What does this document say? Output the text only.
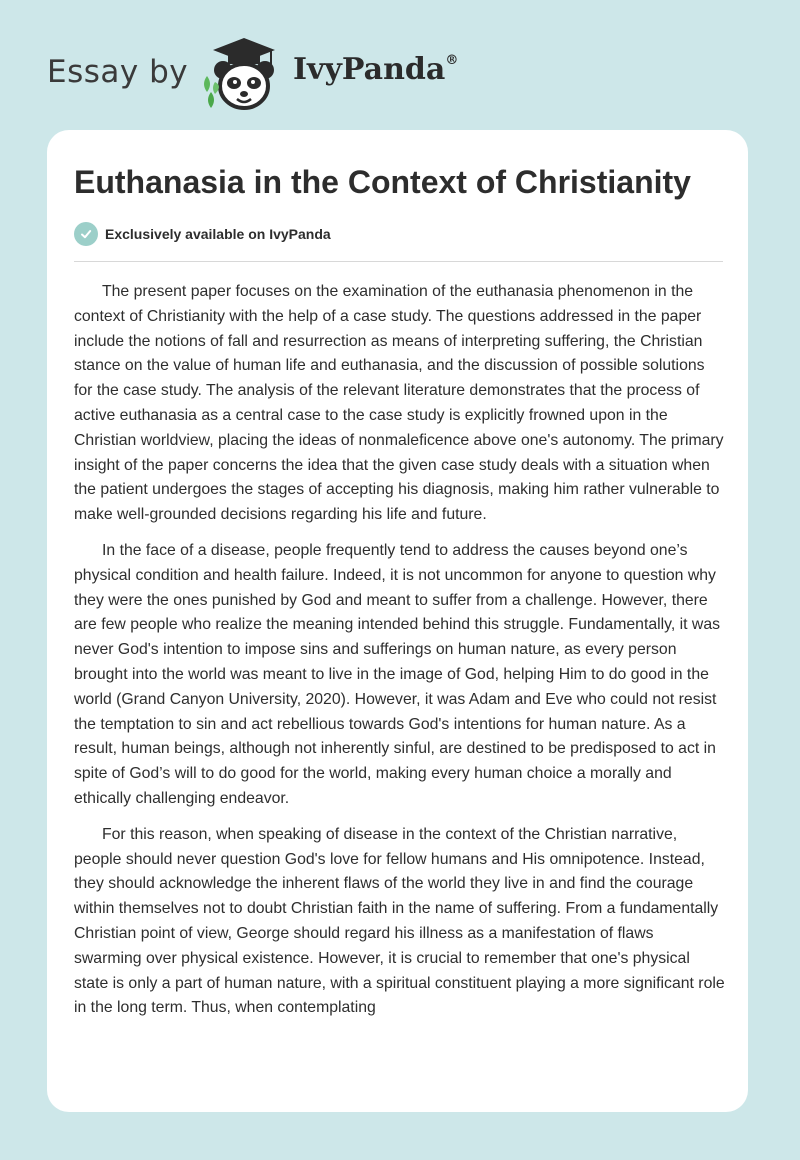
Essay by	IvyPanda®
Euthanasia in the Context of Christianity
Exclusively available on IvyPanda

The present paper focuses on the examination of the euthanasia phenomenon in the context of Christianity with the help of a case study. The questions addressed in the paper include the notions of fall and resurrection as means of interpreting suffering, the Christian stance on the value of human life and euthanasia, and the discussion of possible solutions for the case study. The analysis of the relevant literature demonstrates that the process of active euthanasia as a central case to the case study is explicitly frowned upon in the Christian worldview, placing the ideas of nonmaleficence above one's autonomy. The primary insight of the paper concerns the idea that the given case study deals with a situation when the patient undergoes the stages of accepting his diagnosis, making him rather vulnerable to make well-grounded decisions regarding his life and future.

In the face of a disease, people frequently tend to address the causes beyond one’s physical condition and health failure. Indeed, it is not uncommon for anyone to question why they were the ones punished by God and meant to suffer from a challenge. However, there are few people who realize the meaning intended behind this struggle. Fundamentally, it was never God's intention to impose sins and sufferings on human nature, as every person brought into the world was meant to live in the image of God, helping Him to do good in the world (Grand Canyon University, 2020). However, it was Adam and Eve who could not resist the temptation to sin and act rebellious towards God's intentions for human nature. As a result, human beings, although not inherently sinful, are destined to be predisposed to act in spite of God’s will to do good for the world, making every human choice a morally and ethically challenging endeavor.

For this reason, when speaking of disease in the context of the Christian narrative, people should never question God's love for fellow humans and His omnipotence. Instead, they should acknowledge the inherent flaws of the world they live in and find the courage within themselves not to doubt Christian faith in the name of suffering. From a fundamentally Christian point of view, George should regard his illness as a manifestation of flaws swarming over physical existence. However, it is crucial to remember that one's physical state is only a part of human nature, with a spiritual constituent playing a more significant role in the long term. Thus, when contemplating
